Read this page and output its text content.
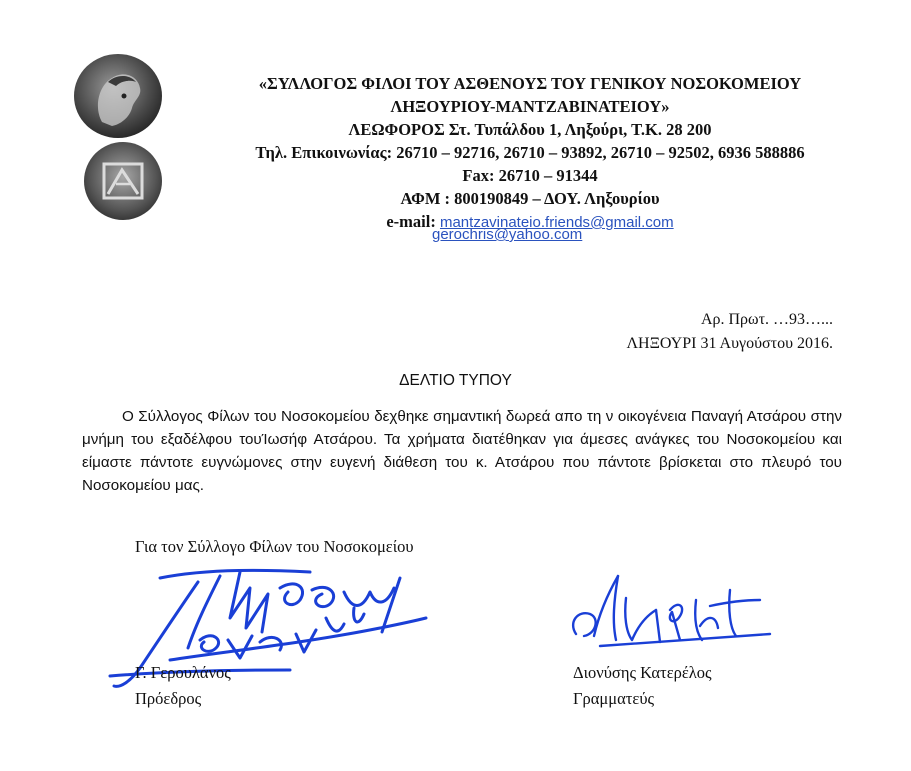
«ΣΥΛΛΟΓΟΣ ΦΙΛΟΙ ΤΟΥ ΑΣΘΕΝΟΥΣ ΤΟΥ ΓΕΝΙΚΟΥ ΝΟΣΟΚΟΜΕΙΟΥ
ΛΗΞΟΥΡΙΟΥ-ΜΑΝΤΖΑΒΙΝΑΤΕΙΟΥ»
ΛΕΩΦΟΡΟΣ Στ. Τυπάλδου 1, Ληξούρι, Τ.Κ. 28 200
Τηλ. Επικοινωνίας: 26710 – 92716, 26710 – 93892, 26710 – 92502, 6936 588886
Fax: 26710 – 91344
ΑΦΜ : 800190849 – ΔΟΥ. Ληξουρίου
e-mail: mantzavinateio.friends@gmail.com
gerochris@yahoo.com
Αρ. Πρωτ. …93…...
ΛΗΞΟΥΡΙ 31 Αυγούστου 2016.
ΔΕΛΤΙΟ ΤΥΠΟΥ
Ο Σύλλογος Φίλων του Νοσοκομείου δεχθηκε σημαντική δωρεά απο τη ν οικογένεια Παναγή Ατσάρου στην μνήμη του εξαδέλφου τουΊωσήφ Ατσάρου. Τα χρήματα διατέθηκαν για άμεσες ανάγκες του Νοσοκομείου και είμαστε πάντοτε ευγνώμονες στην ευγενή διάθεση του κ. Ατσάρου που πάντοτε βρίσκεται στο πλευρό του Νοσοκομείου μας.
Για τον Σύλλογο Φίλων του Νοσοκομείου
Γ. Γερουλάνος
Πρόεδρος
Διονύσης Κατερέλος
Γραμματεύς
